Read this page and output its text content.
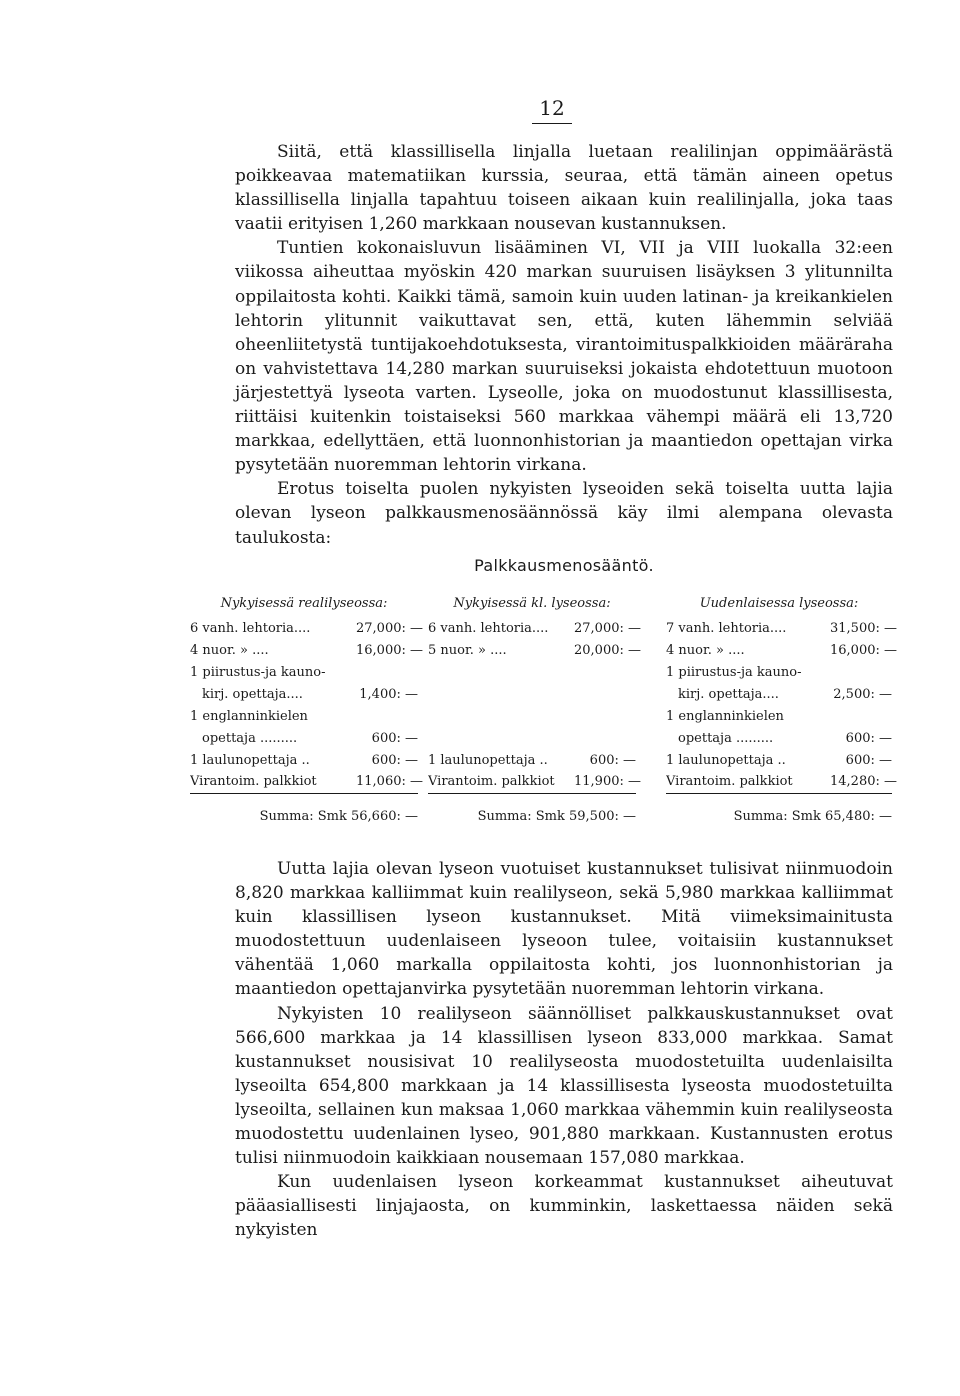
12

Siitä, että klassillisella linjalla luetaan realilinjan oppimäärästä poikkeavaa matematiikan kurssia, seuraa, että tämän aineen opetus klassillisella linjalla tapahtuu toiseen aikaan kuin realilinjalla, joka taas vaatii erityisen 1,260 markkaan nousevan kustannuksen.

Tuntien kokonaisluvun lisääminen VI, VII ja VIII luokalla 32:een viikossa aiheuttaa myöskin 420 markan suuruisen lisäyksen 3 ylitunnilta oppilaitosta kohti. Kaikki tämä, samoin kuin uuden latinan- ja kreikankielen lehtorin ylitunnit vaikuttavat sen, että, kuten lähemmin selviää oheenliitetystä tuntijakoehdotuksesta, virantoimituspalkkioiden määräraha on vahvistettava 14,280 markan suuruiseksi jokaista ehdotettuun muotoon järjestettyä lyseota varten. Lyseolle, joka on muodostunut klassillisesta, riittäisi kuitenkin toistaiseksi 560 markkaa vähempi määrä eli 13,720 markkaa, edellyttäen, että luonnonhistorian ja maantiedon opettajan virka pysytetään nuoremman lehtorin virkana.

Erotus toiselta puolen nykyisten lyseoiden sekä toiselta uutta lajia olevan lyseon palkkausmenosäännössä käy ilmi alempana olevasta taulukosta:

Palkkausmenosääntö.
Nykyisessä realilyseossa:
6 vanh. lehtoria....	27,000: —
4 nuor. » ....	16,000: —
1 piirustus-ja kauno-
kirj. opettaja....	1,400: —
1 englanninkielen
opettaja .........	600: —
1 laulunopettaja ..	600: —
Virantoim. palkkiot	11,060: —
Summa: Smk 56,660: —
Nykyisessä kl. lyseossa:
6 vanh. lehtoria....	27,000: —
5 nuor. » ....	20,000: —
1 laulunopettaja ..	600: —
Virantoim. palkkiot	11,900: —
Summa: Smk 59,500: —
Uudenlaisessa lyseossa:
7 vanh. lehtoria....	31,500: —
4 nuor. » ....	16,000: —
1 piirustus-ja kauno-
kirj. opettaja....	2,500: —
1 englanninkielen
opettaja .........	600: —
1 laulunopettaja ..	600: —
Virantoim. palkkiot	14,280: —
Summa: Smk 65,480: —

Uutta lajia olevan lyseon vuotuiset kustannukset tulisivat niinmuodoin 8,820 markkaa kalliimmat kuin realilyseon, sekä 5,980 markkaa kalliimmat kuin klassillisen lyseon kustannukset. Mitä viimeksimainitusta muodostettuun uudenlaiseen lyseoon tulee, voitaisiin kustannukset vähentää 1,060 markalla oppilaitosta kohti, jos luonnonhistorian ja maantiedon opettajanvirka pysytetään nuoremman lehtorin virkana.

Nykyisten 10 realilyseon säännölliset palkkauskustannukset ovat 566,600 markkaa ja 14 klassillisen lyseon 833,000 markkaa. Samat kustannukset nousisivat 10 realilyseosta muodostetuilta uudenlaisilta lyseoilta 654,800 markkaan ja 14 klassillisesta lyseosta muodostetuilta lyseoilta, sellainen kun maksaa 1,060 markkaa vähemmin kuin realilyseosta muodostettu uudenlainen lyseo, 901,880 markkaan. Kustannusten erotus tulisi niinmuodoin kaikkiaan nousemaan 157,080 markkaa.

Kun uudenlaisen lyseon korkeammat kustannukset aiheutuvat pääasiallisesti linjajaosta, on kumminkin, laskettaessa näiden sekä nykyisten
